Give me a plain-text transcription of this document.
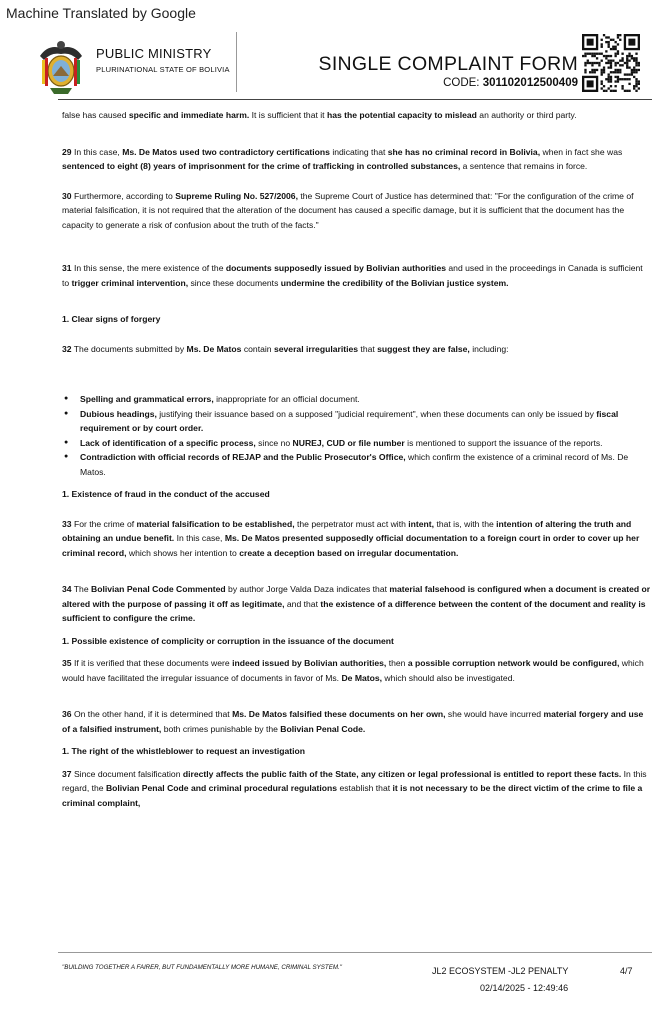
Machine Translated by Google
PUBLIC MINISTRY
PLURINATIONAL STATE OF BOLIVIA	SINGLE COMPLAINT FORM
CODE: 301102012500409

false has caused specific and immediate harm. It is sufficient that it has the potential capacity to mislead an authority or third party.

29 In this case, Ms. De Matos used two contradictory certifications indicating that she has no criminal record in Bolivia, when in fact she was sentenced to eight (8) years of imprisonment for the crime of trafficking in controlled substances, a sentence that remains in force.

30 Furthermore, according to Supreme Ruling No. 527/2006, the Supreme Court of Justice has determined that: "For the configuration of the crime of material falsification, it is not required that the alteration of the document has caused a specific damage, but it is sufficient that the document has the capacity to generate a risk of confusion about the truth of the facts."

31 In this sense, the mere existence of the documents supposedly issued by Bolivian authorities and used in the proceedings in Canada is sufficient to trigger criminal intervention, since these documents undermine the credibility of the Bolivian justice system.

1. Clear signs of forgery

32 The documents submitted by Ms. De Matos contain several irregularities that suggest they are false, including:

● Spelling and grammatical errors, inappropriate for an official document.
● Dubious headings, justifying their issuance based on a supposed "judicial requirement", when these documents can only be issued by fiscal requirement or by court order.
● Lack of identification of a specific process, since no NUREJ, CUD or file number is mentioned to support the issuance of the reports.
● Contradiction with official records of REJAP and the Public Prosecutor's Office, which confirm the existence of a criminal record of Ms. De Matos.

1. Existence of fraud in the conduct of the accused

33 For the crime of material falsification to be established, the perpetrator must act with intent, that is, with the intention of altering the truth and obtaining an undue benefit. In this case, Ms. De Matos presented supposedly official documentation to a foreign court in order to cover up her criminal record, which shows her intention to create a deception based on irregular documentation.

34 The Bolivian Penal Code Commented by author Jorge Valda Daza indicates that material falsehood is configured when a document is created or altered with the purpose of passing it off as legitimate, and that the existence of a difference between the content of the document and reality is sufficient to configure the crime.

1. Possible existence of complicity or corruption in the issuance of the document

35 If it is verified that these documents were indeed issued by Bolivian authorities, then a possible corruption network would be configured, which would have facilitated the irregular issuance of documents in favor of Ms. De Matos, which should also be investigated.

36 On the other hand, if it is determined that Ms. De Matos falsified these documents on her own, she would have incurred material forgery and use of a falsified instrument, both crimes punishable by the Bolivian Penal Code.

1. The right of the whistleblower to request an investigation

37 Since document falsification directly affects the public faith of the State, any citizen or legal professional is entitled to report these facts. In this regard, the Bolivian Penal Code and criminal procedural regulations establish that it is not necessary to be the direct victim of the crime to file a criminal complaint,

"BUILDING TOGETHER A FAIRER, BUT FUNDAMENTALLY MORE HUMANE, CRIMINAL SYSTEM."	JL2 ECOSYSTEM -JL2 PENALTY	4/7
02/14/2025 - 12:49:46
